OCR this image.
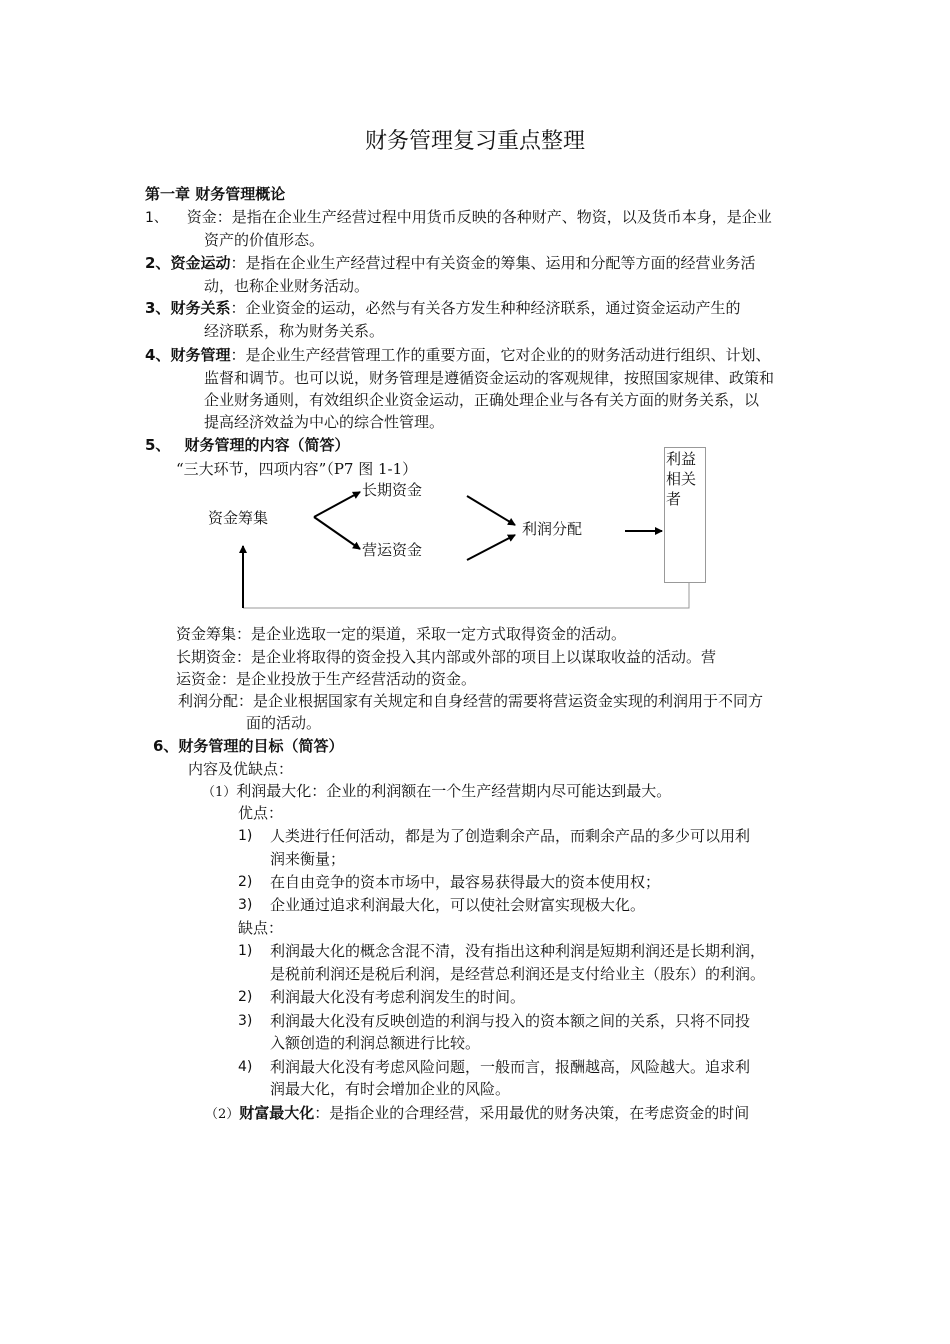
财务管理复习重点整理
第一章 财务管理概论
1、 资金：是指在企业生产经营过程中用货币反映的各种财产、物资，以及货币本身，是企业
资产的价值形态。
2、资金运动：是指在企业生产经营过程中有关资金的筹集、运用和分配等方面的经营业务活
动，也称企业财务活动。
3、财务关系：企业资金的运动，必然与有关各方发生种种经济联系，通过资金运动产生的
经济联系，称为财务关系。
4、财务管理：是企业生产经营管理工作的重要方面，它对企业的的财务活动进行组织、计划、
监督和调节。也可以说，财务管理是遵循资金运动的客观规律，按照国家规律、政策和
企业财务通则，有效组织企业资金运动，正确处理企业与各有关方面的财务关系，以
提高经济效益为中心的综合性管理。
5、 财务管理的内容（简答）
“三大环节，四项内容”（P7 图 1-1）
资金筹集
长期资金
营运资金
利润分配
利益相关者
资金筹集：是企业选取一定的渠道，采取一定方式取得资金的活动。
长期资金：是企业将取得的资金投入其内部或外部的项目上以谋取收益的活动。营
运资金：是企业投放于生产经营活动的资金。
利润分配：是企业根据国家有关规定和自身经营的需要将营运资金实现的利润用于不同方
面的活动。
6、财务管理的目标（简答）
内容及优缺点：
（1）利润最大化：企业的利润额在一个生产经营期内尽可能达到最大。
优点：
1) 人类进行任何活动，都是为了创造剩余产品，而剩余产品的多少可以用利
润来衡量；
2) 在自由竞争的资本市场中，最容易获得最大的资本使用权；
3) 企业通过追求利润最大化，可以使社会财富实现极大化。
缺点：
1) 利润最大化的概念含混不清，没有指出这种利润是短期利润还是长期利润，
是税前利润还是税后利润，是经营总利润还是支付给业主（股东）的利润。
2) 利润最大化没有考虑利润发生的时间。
3) 利润最大化没有反映创造的利润与投入的资本额之间的关系，只将不同投
入额创造的利润总额进行比较。
4) 利润最大化没有考虑风险问题，一般而言，报酬越高，风险越大。追求利
润最大化，有时会增加企业的风险。
（2）财富最大化：是指企业的合理经营，采用最优的财务决策，在考虑资金的时间
